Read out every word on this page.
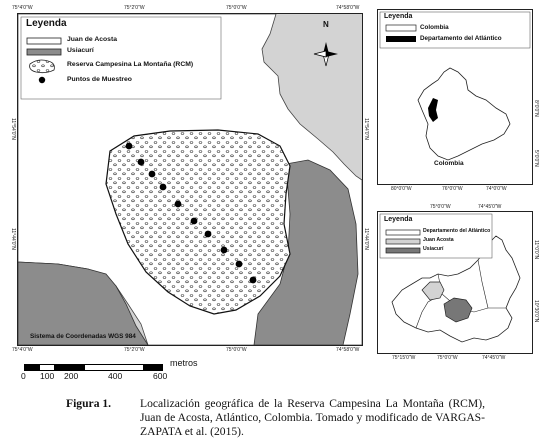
Leyenda
Juan de Acosta
Usiacurí
Reserva Campesina La Montaña (RCM)
Puntos de Muestreo
N
Sistema de Coordenadas WGS 984
75°4'0"W	75°2'0"W	75°0'0"W	74°58'0"W
75°4'0"W	75°2'0"W	75°0'0"W	74°58'0"W
11°54'0"N
11°44'0"N
11°54'0"N
11°44'0"N
metros
0 100 200	400	600
Leyenda
Colombia
Departamento del Atlántico
Colombia
80°0'0"W	76°0'0"W	74°0'0"W
8°0'0"N
5°0'0"N
75°0'0"W	74°45'0"W
Leyenda
Departamento del Atlántico
Juan Acosta
Usiacurí
75°15'0"W	75°0'0"W	74°45'0"W
11°0'0"N
10°30'0"N
Figura 1. Localización geográfica de la Reserva Campesina La Montaña (RCM), Juan de Acosta, Atlántico, Colombia. Tomado y modificado de VARGAS-ZAPATA et al. (2015).
